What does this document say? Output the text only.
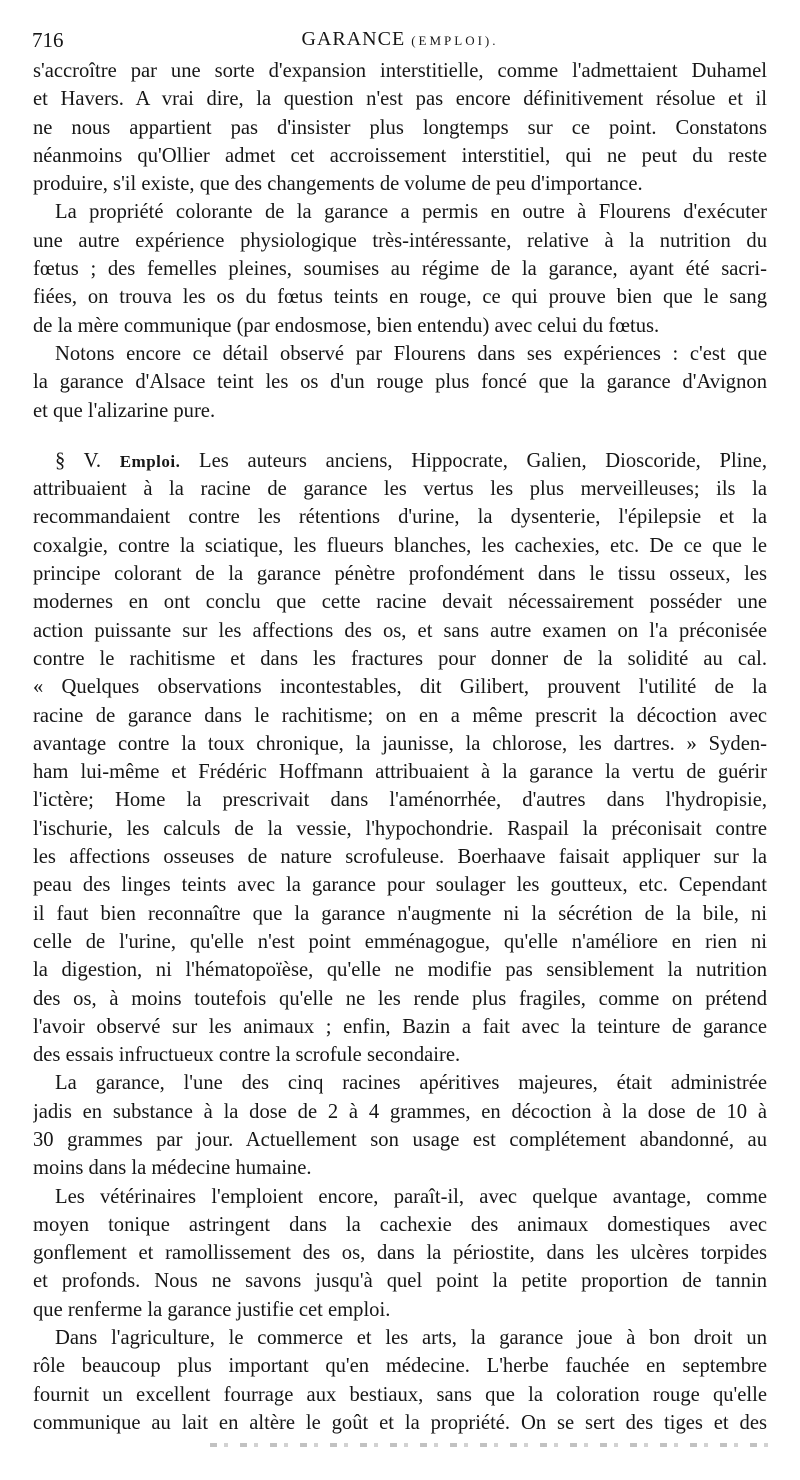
716	GARANCE (EMPLOI).
s'accroître par une sorte d'expansion interstitielle, comme l'admettaient Duhamel
et Havers. A vrai dire, la question n'est pas encore définitivement résolue et il
ne nous appartient pas d'insister plus longtemps sur ce point. Constatons
néanmoins qu'Ollier admet cet accroissement interstitiel, qui ne peut du reste
produire, s'il existe, que des changements de volume de peu d'importance.
La propriété colorante de la garance a permis en outre à Flourens d'exécuter
une autre expérience physiologique très-intéressante, relative à la nutrition du
fœtus ; des femelles pleines, soumises au régime de la garance, ayant été sacri-
fiées, on trouva les os du fœtus teints en rouge, ce qui prouve bien que le sang
de la mère communique (par endosmose, bien entendu) avec celui du fœtus.
Notons encore ce détail observé par Flourens dans ses expériences : c'est que
la garance d'Alsace teint les os d'un rouge plus foncé que la garance d'Avignon
et que l'alizarine pure.
§ V. Emploi. Les auteurs anciens, Hippocrate, Galien, Dioscoride, Pline,
attribuaient à la racine de garance les vertus les plus merveilleuses; ils la
recommandaient contre les rétentions d'urine, la dysenterie, l'épilepsie et la
coxalgie, contre la sciatique, les flueurs blanches, les cachexies, etc. De ce que le
principe colorant de la garance pénètre profondément dans le tissu osseux, les
modernes en ont conclu que cette racine devait nécessairement posséder une
action puissante sur les affections des os, et sans autre examen on l'a préconisée
contre le rachitisme et dans les fractures pour donner de la solidité au cal.
« Quelques observations incontestables, dit Gilibert, prouvent l'utilité de la
racine de garance dans le rachitisme; on en a même prescrit la décoction avec
avantage contre la toux chronique, la jaunisse, la chlorose, les dartres. » Syden-
ham lui-même et Frédéric Hoffmann attribuaient à la garance la vertu de guérir
l'ictère; Home la prescrivait dans l'aménorrhée, d'autres dans l'hydropisie,
l'ischurie, les calculs de la vessie, l'hypochondrie. Raspail la préconisait contre
les affections osseuses de nature scrofuleuse. Boerhaave faisait appliquer sur la
peau des linges teints avec la garance pour soulager les goutteux, etc. Cependant
il faut bien reconnaître que la garance n'augmente ni la sécrétion de la bile, ni
celle de l'urine, qu'elle n'est point emménagogue, qu'elle n'améliore en rien ni
la digestion, ni l'hématopoïèse, qu'elle ne modifie pas sensiblement la nutrition
des os, à moins toutefois qu'elle ne les rende plus fragiles, comme on prétend
l'avoir observé sur les animaux ; enfin, Bazin a fait avec la teinture de garance
des essais infructueux contre la scrofule secondaire.
La garance, l'une des cinq racines apéritives majeures, était administrée
jadis en substance à la dose de 2 à 4 grammes, en décoction à la dose de 10 à
30 grammes par jour. Actuellement son usage est complétement abandonné, au
moins dans la médecine humaine.
Les vétérinaires l'emploient encore, paraît-il, avec quelque avantage, comme
moyen tonique astringent dans la cachexie des animaux domestiques avec
gonflement et ramollissement des os, dans la périostite, dans les ulcères torpides
et profonds. Nous ne savons jusqu'à quel point la petite proportion de tannin
que renferme la garance justifie cet emploi.
Dans l'agriculture, le commerce et les arts, la garance joue à bon droit un
rôle beaucoup plus important qu'en médecine. L'herbe fauchée en septembre
fournit un excellent fourrage aux bestiaux, sans que la coloration rouge qu'elle
communique au lait en altère le goût et la propriété. On se sert des tiges et des
